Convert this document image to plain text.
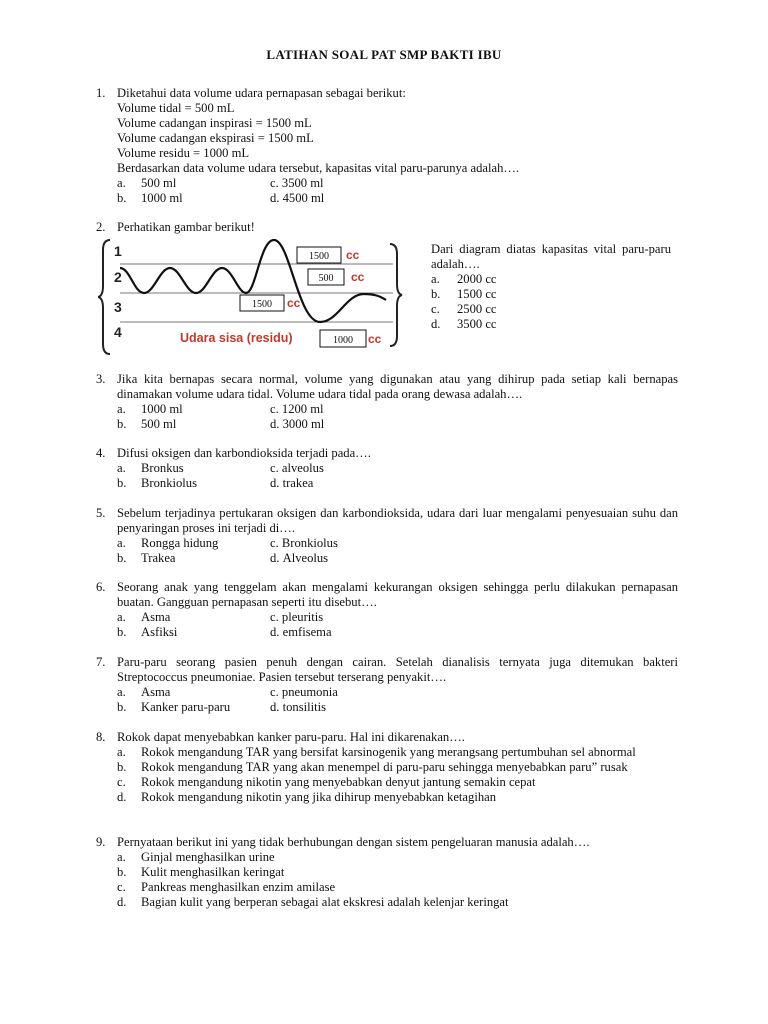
LATIHAN SOAL PAT SMP BAKTI IBU
1. Diketahui data volume udara pernapasan sebagai berikut:
Volume tidal = 500 mL
Volume cadangan inspirasi = 1500 mL
Volume cadangan ekspirasi = 1500 mL
Volume residu = 1000 mL
Berdasarkan data volume udara tersebut, kapasitas vital paru-parunya adalah….
a.	500 ml	c.
3500 ml
b.	1000 ml	d.
4500 ml
2. Perhatikan gambar berikut!
1
2
3
4
1500 cc
500 cc
1500 cc
Udara sisa (residu)	1000 cc
Dari diagram diatas kapasitas vital paru-paru adalah….
a.	2000 cc
b.	1500 cc
c.	2500 cc
d.	3500 cc
3. Jika kita bernapas secara normal, volume yang digunakan atau yang dihirup pada setiap kali bernapas dinamakan volume udara tidal. Volume udara tidal pada orang dewasa adalah….
a.	1000 ml	c.
1200 ml
b.	500 ml	d.
3000 ml
4. Difusi oksigen dan karbondioksida terjadi pada….
a.	Bronkus	c.
alveolus
b.	Bronkiolus	d.
trakea
5. Sebelum terjadinya pertukaran oksigen dan karbondioksida, udara dari luar mengalami penyesuaian suhu dan penyaringan proses ini terjadi di….
a.	Rongga hidung	c.
Bronkiolus
b.	Trakea	d.
Alveolus
6. Seorang anak yang tenggelam akan mengalami kekurangan oksigen sehingga perlu dilakukan pernapasan buatan. Gangguan pernapasan seperti itu disebut….
a.	Asma	c.
pleuritis
b.	Asfiksi	d.
emfisema
7. Paru-paru seorang pasien penuh dengan cairan. Setelah dianalisis ternyata juga ditemukan bakteri Streptococcus pneumoniae. Pasien tersebut terserang penyakit….
a.	Asma	c.
pneumonia
b.	Kanker paru-paru	d.
tonsilitis
8. Rokok dapat menyebabkan kanker paru-paru. Hal ini dikarenakan….
a.	Rokok mengandung TAR yang bersifat karsinogenik yang merangsang pertumbuhan sel abnormal
b.	Rokok mengandung TAR yang akan menempel di paru-paru sehingga menyebabkan paru” rusak
c.	Rokok mengandung nikotin yang menyebabkan denyut jantung semakin cepat
d.	Rokok mengandung nikotin yang jika dihirup menyebabkan ketagihan
9. Pernyataan berikut ini yang tidak berhubungan dengan sistem pengeluaran manusia adalah….
a.	Ginjal menghasilkan urine
b.	Kulit menghasilkan keringat
c.	Pankreas menghasilkan enzim amilase
d.	Bagian kulit yang berperan sebagai alat ekskresi adalah kelenjar keringat
